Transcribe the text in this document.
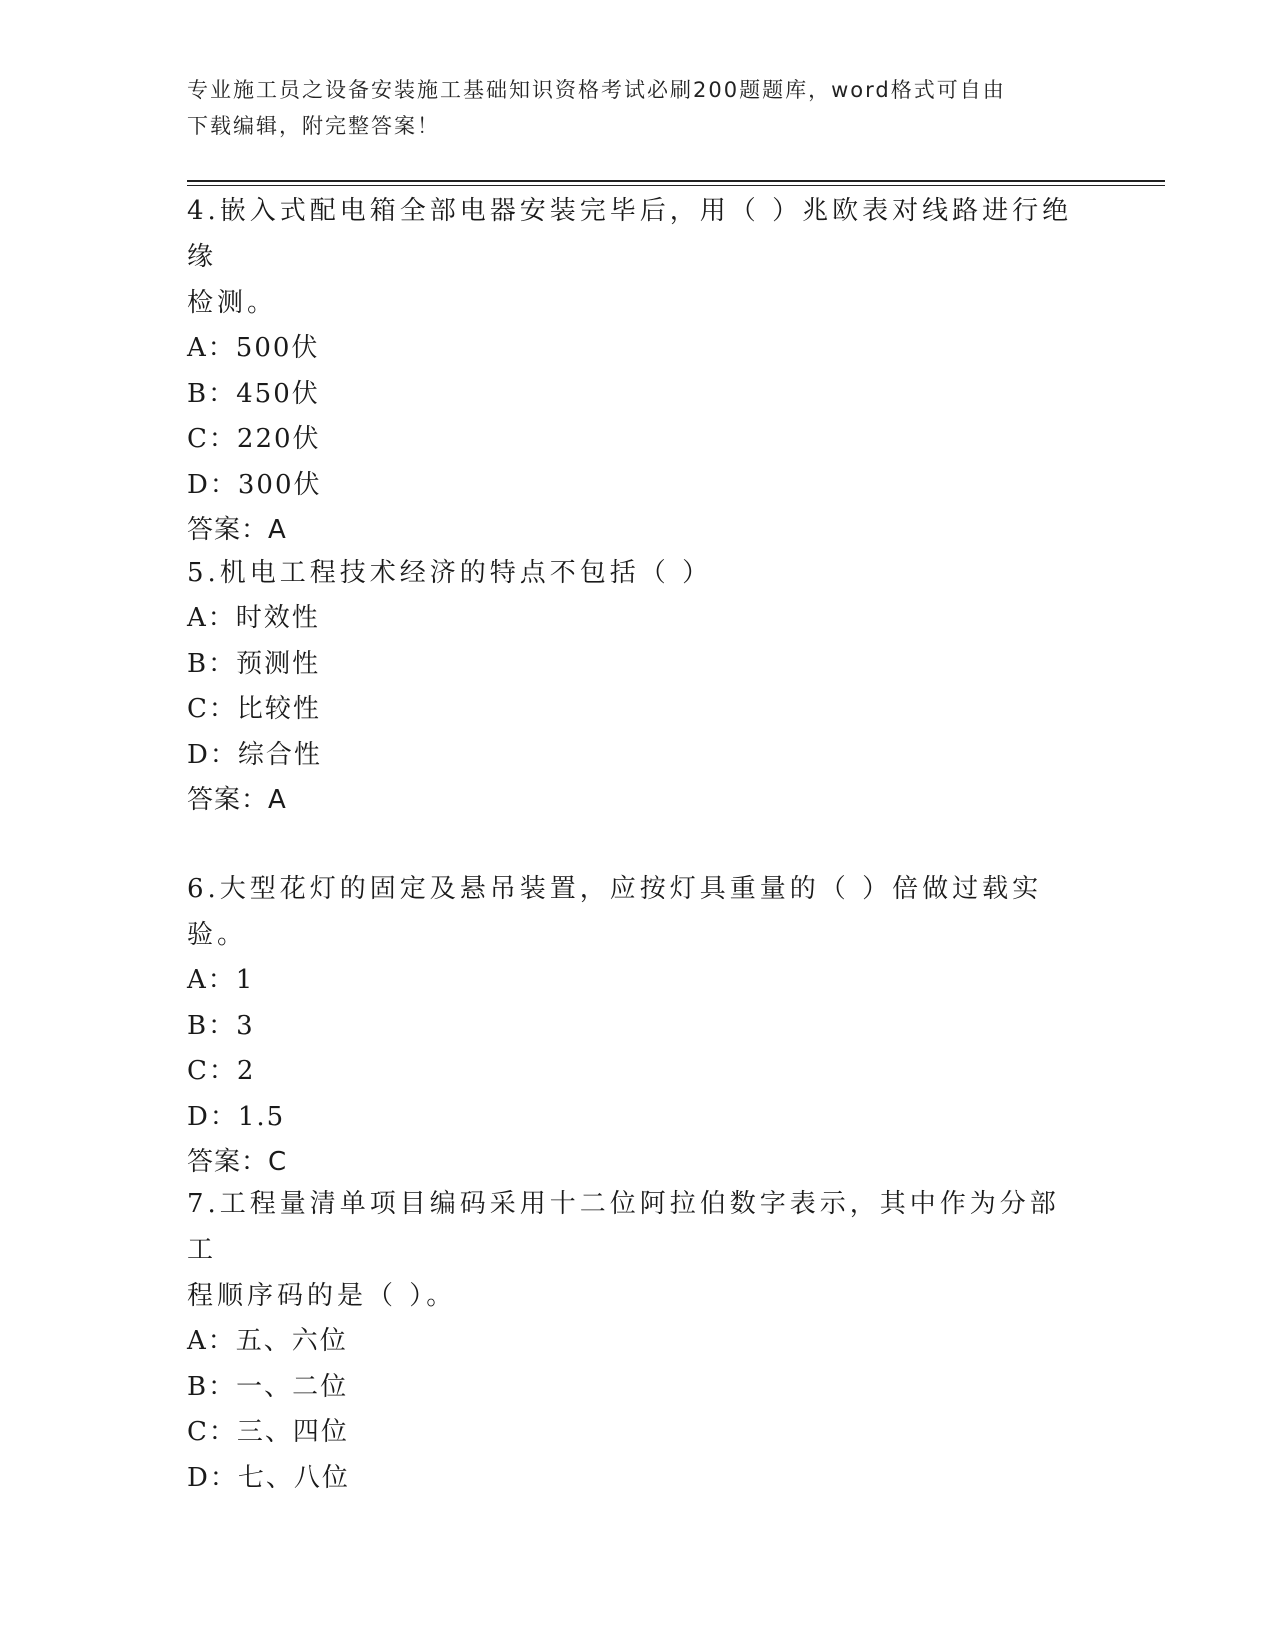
专业施工员之设备安装施工基础知识资格考试必刷200题题库，word格式可自由
下载编辑，附完整答案！

4.嵌入式配电箱全部电器安装完毕后，用（ ）兆欧表对线路进行绝缘

检测。

A：500伏

B：450伏

C：220伏

D：300伏

答案：A

5.机电工程技术经济的特点不包括（ ）

A：时效性

B：预测性

C：比较性

D：综合性

答案：A

6.大型花灯的固定及悬吊装置，应按灯具重量的（ ）倍做过载实验。

A：1

B：3

C：2

D：1.5

答案：C

7.工程量清单项目编码采用十二位阿拉伯数字表示，其中作为分部工

程顺序码的是（ ）。

A：五、六位

B：一、二位

C：三、四位

D：七、八位
